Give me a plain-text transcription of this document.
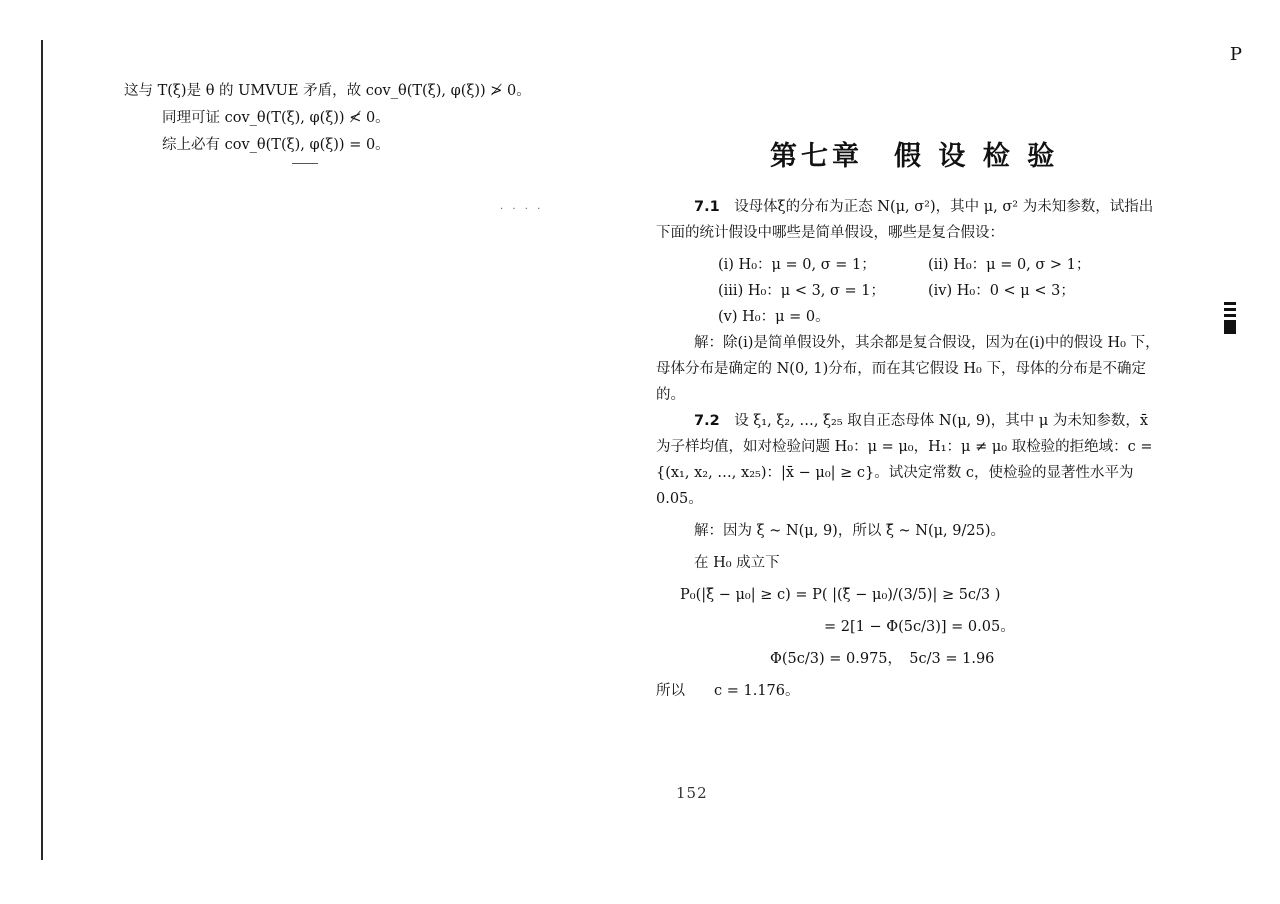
P

这与 T(ξ)是 θ 的 UMVUE 矛盾，故 cov_θ(T(ξ), φ(ξ)) ≯ 0。

同理可证 cov_θ(T(ξ), φ(ξ)) ≮ 0。

综上必有 cov_θ(T(ξ), φ(ξ)) = 0。

· · · ·
第七章　假 设 检 验

7.1　 设母体ξ的分布为正态 N(μ, σ²)，其中 μ, σ² 为未知参数，试指出下面的统计假设中哪些是简单假设，哪些是复合假设：

(i) H₀：μ = 0, σ = 1；	(ii) H₀：μ = 0, σ > 1；

(iii) H₀：μ < 3, σ = 1；	(iv) H₀：0 < μ < 3；

(v) H₀：μ = 0。

解：除(i)是简单假设外，其余都是复合假设，因为在(i)中的假设 H₀ 下，母体分布是确定的 N(0, 1)分布，而在其它假设 H₀ 下，母体的分布是不确定的。

7.2　 设 ξ₁, ξ₂, …, ξ₂₅ 取自正态母体 N(μ, 9)，其中 μ 为未知参数，x̄ 为子样均值，如对检验问题 H₀：μ = μ₀，H₁：μ ≠ μ₀ 取检验的拒绝域：c = {(x₁, x₂, …, x₂₅)：|x̄ − μ₀| ≥ c}。试决定常数 c，使检验的显著性水平为 0.05。

解：因为 ξ ~ N(μ, 9)，所以 ξ̄ ~ N(μ, 9/25)。

在 H₀ 成立下

P₀(|ξ̄ − μ₀| ≥ c) = P( |(ξ̄ − μ₀)/(3/5)| ≥ 5c/3 )

= 2[1 − Φ(5c/3)] = 0.05。

Φ(5c/3) = 0.975，　5c/3 = 1.96

所以　　c = 1.176。

152
